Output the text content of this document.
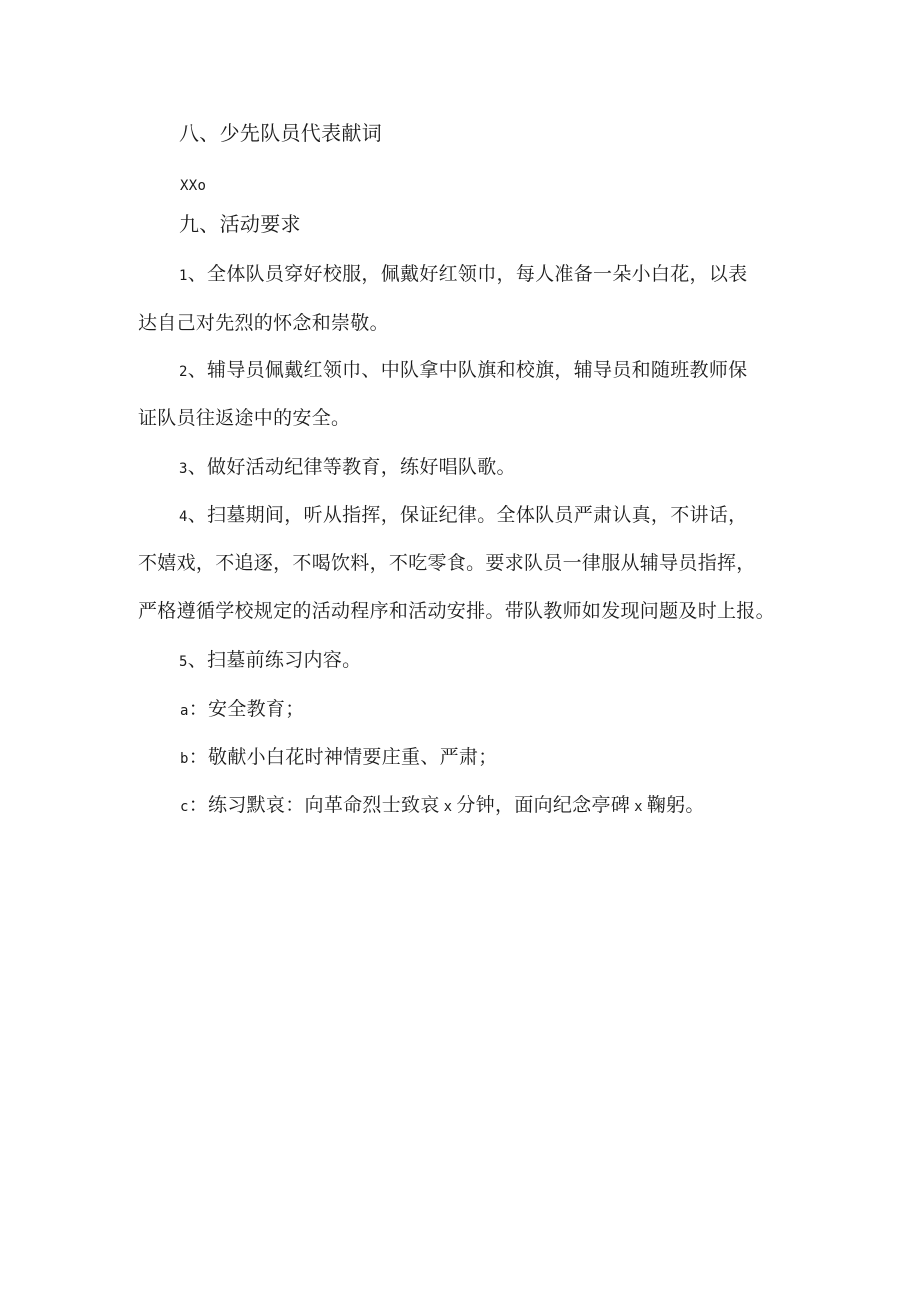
八、少先队员代表献词
XXo
九、活动要求
1、全体队员穿好校服，佩戴好红领巾，每人准备一朵小白花，以表
达自己对先烈的怀念和崇敬。
2、辅导员佩戴红领巾、中队拿中队旗和校旗，辅导员和随班教师保
证队员往返途中的安全。
3、做好活动纪律等教育，练好唱队歌。
4、扫墓期间，听从指挥，保证纪律。全体队员严肃认真，不讲话，
不嬉戏，不追逐，不喝饮料，不吃零食。要求队员一律服从辅导员指挥，
严格遵循学校规定的活动程序和活动安排。带队教师如发现问题及时上报。
5、扫墓前练习内容。
a：安全教育；
b：敬献小白花时神情要庄重、严肃；
c：练习默哀：向革命烈士致哀 x 分钟，面向纪念亭碑 x 鞠躬。
